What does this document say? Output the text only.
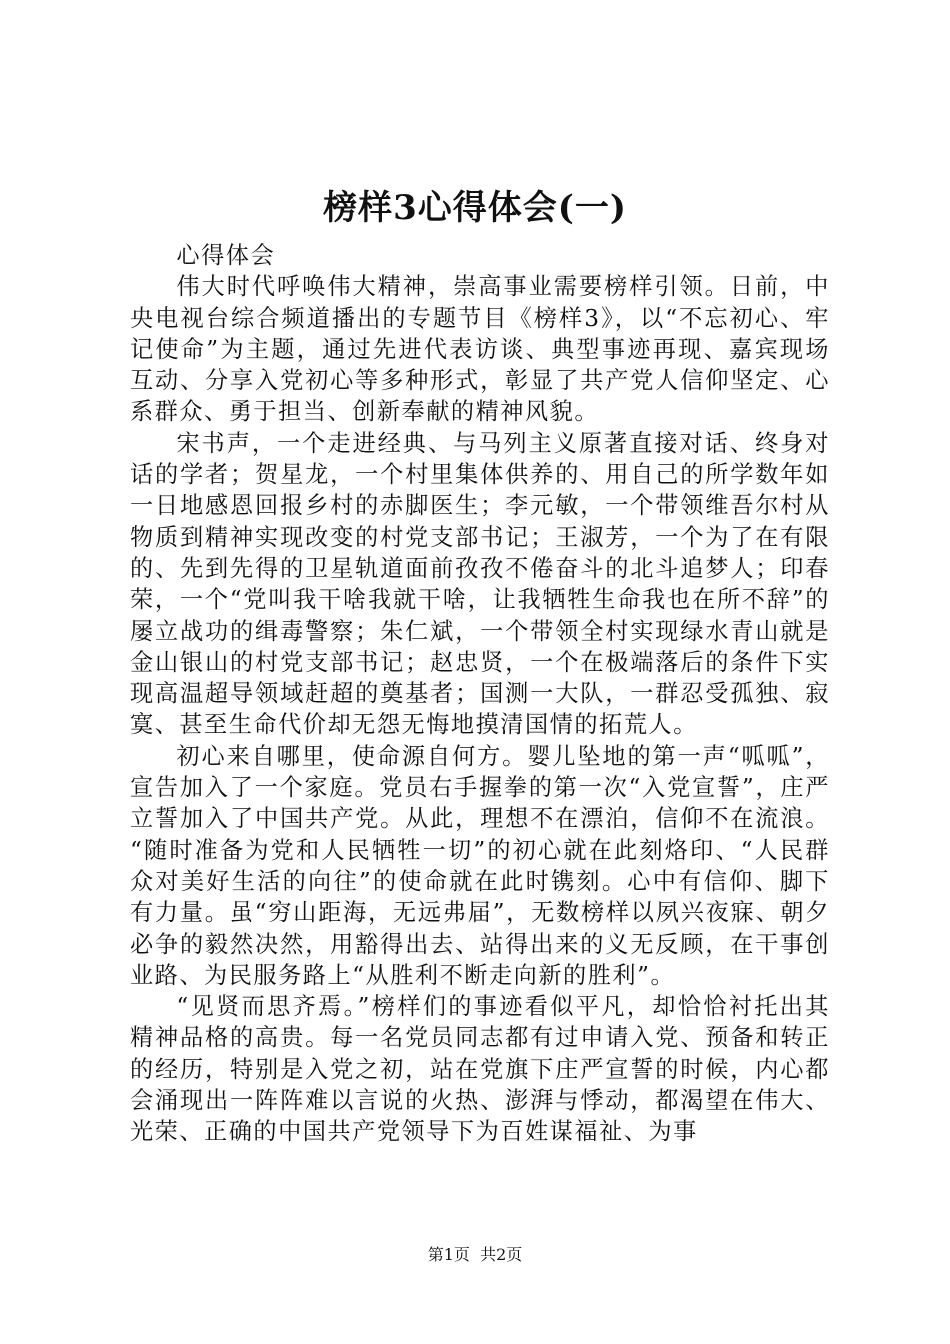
榜样3心得体会(一)

心得体会

伟大时代呼唤伟大精神，崇高事业需要榜样引领。日前，中央电视台综合频道播出的专题节目《榜样3》，以“不忘初心、牢记使命”为主题，通过先进代表访谈、典型事迹再现、嘉宾现场互动、分享入党初心等多种形式，彰显了共产党人信仰坚定、心系群众、勇于担当、创新奉献的精神风貌。

宋书声，一个走进经典、与马列主义原著直接对话、终身对话的学者；贺星龙，一个村里集体供养的、用自己的所学数年如一日地感恩回报乡村的赤脚医生；李元敏，一个带领维吾尔村从物质到精神实现改变的村党支部书记；王淑芳，一个为了在有限的、先到先得的卫星轨道面前孜孜不倦奋斗的北斗追梦人；印春荣，一个“党叫我干啥我就干啥，让我牺牲生命我也在所不辞”的屡立战功的缉毒警察；朱仁斌，一个带领全村实现绿水青山就是金山银山的村党支部书记；赵忠贤，一个在极端落后的条件下实现高温超导领域赶超的奠基者；国测一大队，一群忍受孤独、寂寞、甚至生命代价却无怨无悔地摸清国情的拓荒人。

初心来自哪里，使命源自何方。婴儿坠地的第一声“呱呱”，宣告加入了一个家庭。党员右手握拳的第一次“入党宣誓”，庄严立誓加入了中国共产党。从此，理想不在漂泊，信仰不在流浪。“随时准备为党和人民牺牲一切”的初心就在此刻烙印、“人民群众对美好生活的向往”的使命就在此时镌刻。心中有信仰、脚下有力量。虽“穷山距海，无远弗届”，无数榜样以夙兴夜寐、朝夕必争的毅然决然，用豁得出去、站得出来的义无反顾，在干事创业路、为民服务路上“从胜利不断走向新的胜利”。

“见贤而思齐焉。”榜样们的事迹看似平凡，却恰恰衬托出其精神品格的高贵。每一名党员同志都有过申请入党、预备和转正的经历，特别是入党之初，站在党旗下庄严宣誓的时候，内心都会涌现出一阵阵难以言说的火热、澎湃与悸动，都渴望在伟大、光荣、正确的中国共产党领导下为百姓谋福祉、为事

第1页 共2页
